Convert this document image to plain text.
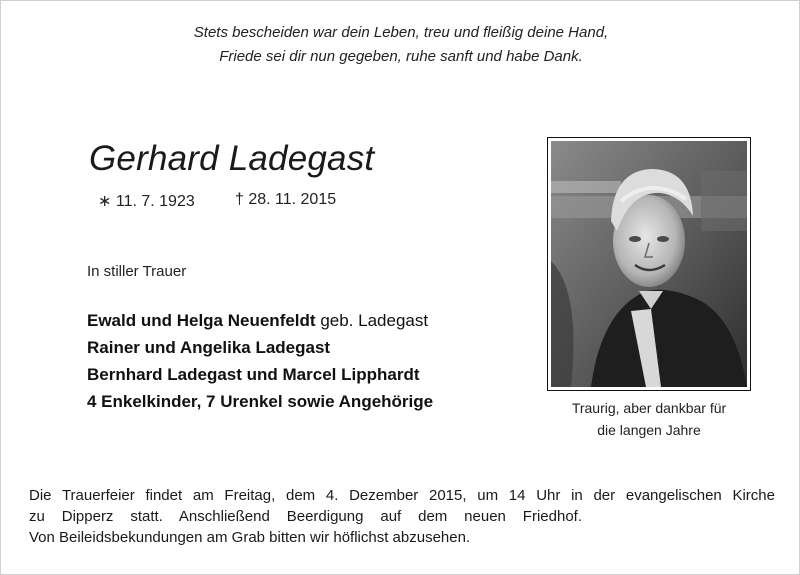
Stets bescheiden war dein Leben, treu und fleißig deine Hand,
Friede sei dir nun gegeben, ruhe sanft und habe Dank.
Gerhard Ladegast
∗ 11. 7. 1923	† 28. 11. 2015
In stiller Trauer
Ewald und Helga Neuenfeldt geb. Ladegast
Rainer und Angelika Ladegast
Bernhard Ladegast und Marcel Lipphardt
4 Enkelkinder, 7 Urenkel sowie Angehörige	Traurig, aber dankbar für
die langen Jahre
Die Trauerfeier findet am Freitag, dem 4. Dezember 2015, um 14 Uhr in der evangelischen Kirche
zu Dipperz statt. Anschließend Beerdigung auf dem neuen Friedhof.
Von Beileidsbekundungen am Grab bitten wir höflichst abzusehen.
